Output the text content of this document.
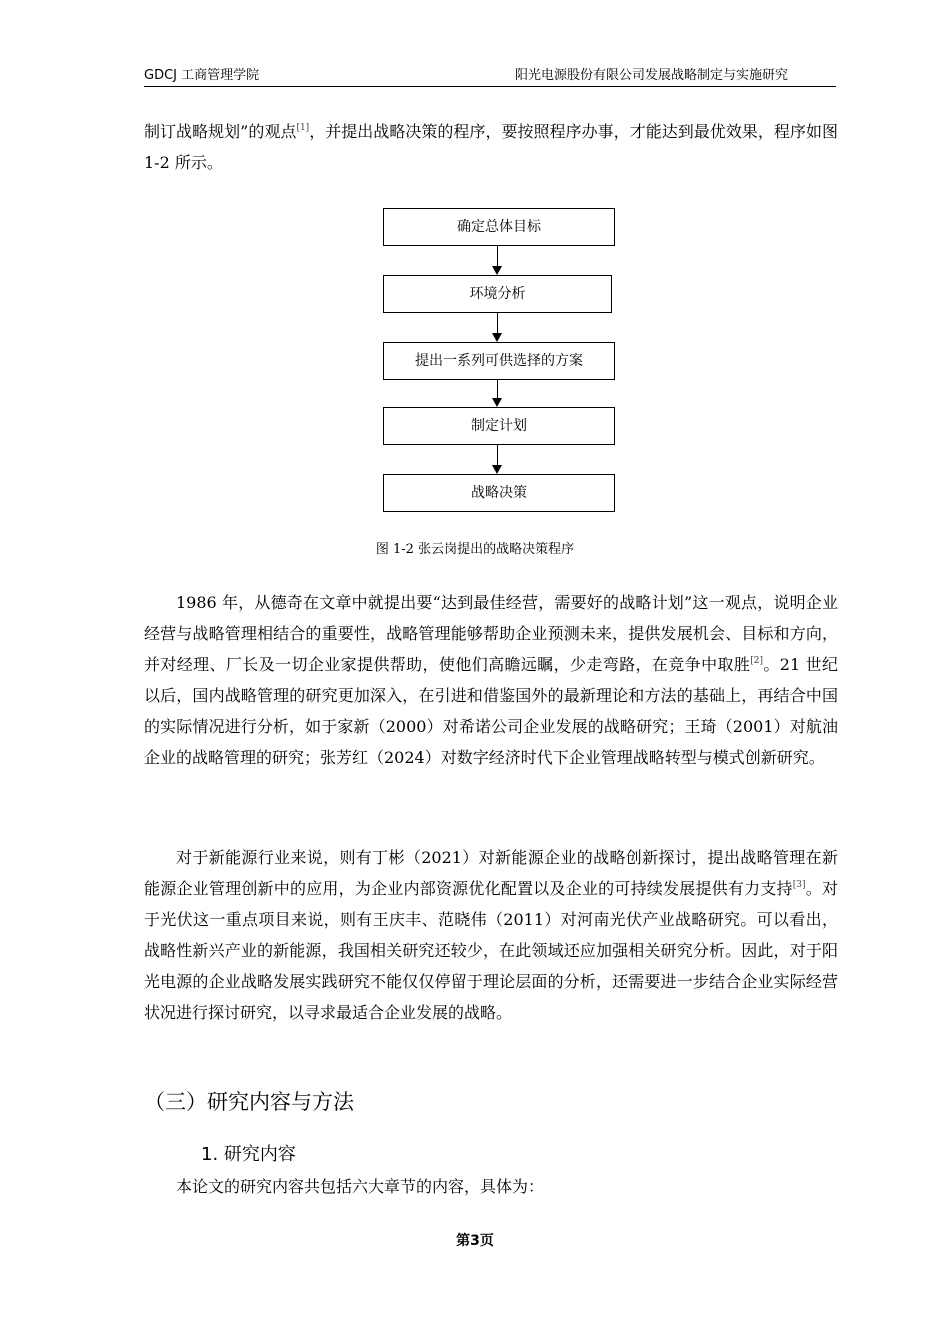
GDCJ 工商管理学院	阳光电源股份有限公司发展战略制定与实施研究

制订战略规划”的观点[1]，并提出战略决策的程序，要按照程序办事，才能达到最优效果，程序如图 1-2 所示。

确定总体目标
环境分析
提出一系列可供选择的方案
制定计划
战略决策
图 1-2 张云岗提出的战略决策程序

1986 年，从德奇在文章中就提出要“达到最佳经营，需要好的战略计划”这一观点，说明企业经营与战略管理相结合的重要性，战略管理能够帮助企业预测未来，提供发展机会、目标和方向，并对经理、厂长及一切企业家提供帮助，使他们高瞻远瞩，少走弯路，在竞争中取胜[2]。21 世纪以后，国内战略管理的研究更加深入，在引进和借鉴国外的最新理论和方法的基础上，再结合中国的实际情况进行分析，如于家新（2000）对希诺公司企业发展的战略研究；王琦（2001）对航油企业的战略管理的研究；张芳红（2024）对数字经济时代下企业管理战略转型与模式创新研究。

对于新能源行业来说，则有丁彬（2021）对新能源企业的战略创新探讨，提出战略管理在新能源企业管理创新中的应用，为企业内部资源优化配置以及企业的可持续发展提供有力支持[3]。对于光伏这一重点项目来说，则有王庆丰、范晓伟（2011）对河南光伏产业战略研究。可以看出，战略性新兴产业的新能源，我国相关研究还较少，在此领域还应加强相关研究分析。因此，对于阳光电源的企业战略发展实践研究不能仅仅停留于理论层面的分析，还需要进一步结合企业实际经营状况进行探讨研究，以寻求最适合企业发展的战略。

（三）研究内容与方法
1. 研究内容

本论文的研究内容共包括六大章节的内容，具体为：

第3页
